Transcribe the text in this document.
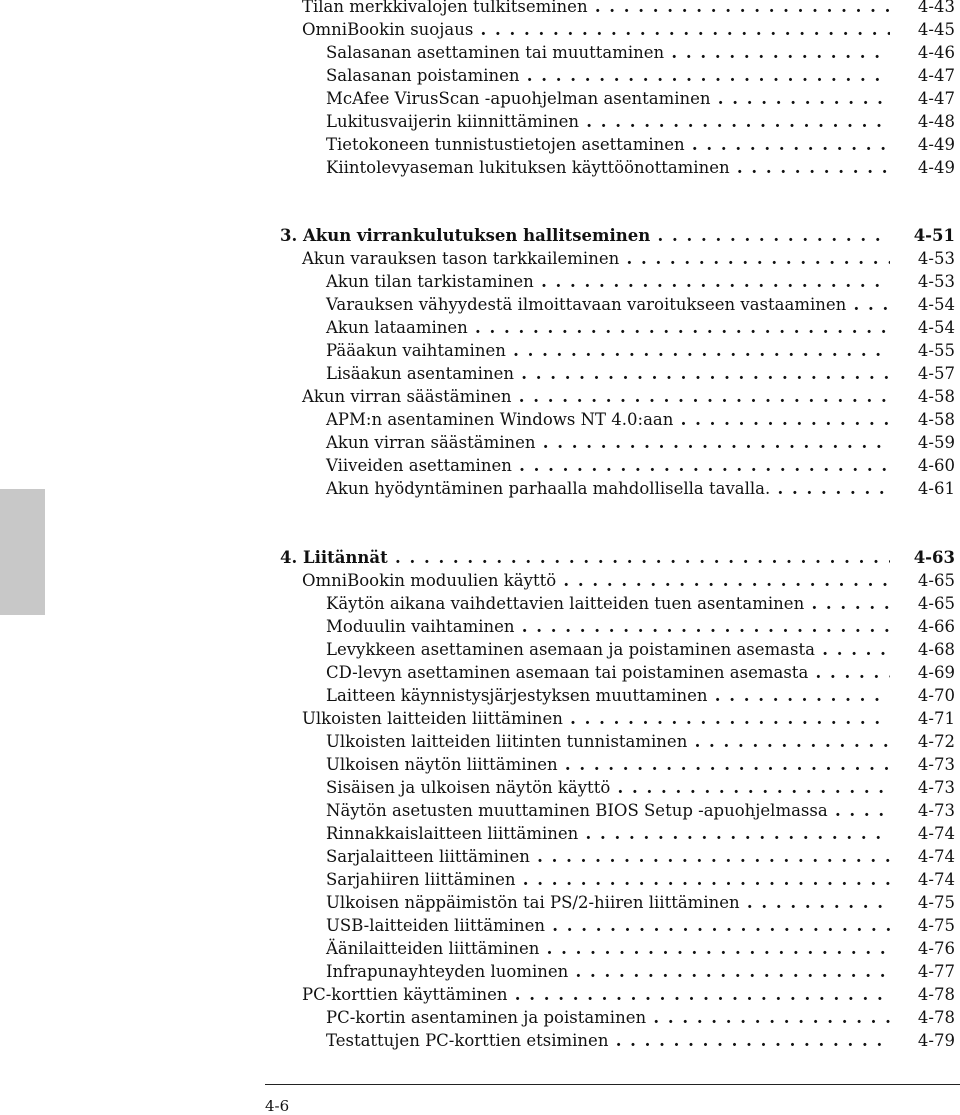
Tilan merkkivalojen tulkitseminen . . .	4-43
OmniBookin suojaus . . .	4-45
Salasanan asettaminen tai muuttaminen . . .	4-46
Salasanan poistaminen . . .	4-47
McAfee VirusScan -apuohjelman asentaminen . . .	4-47
Lukitusvaijerin kiinnittäminen . . .	4-48
Tietokoneen tunnistustietojen asettaminen . . .	4-49
Kiintolevyaseman lukituksen käyttöönottaminen . . .	4-49
3. Akun virrankulutuksen hallitseminen . . .	4-51
Akun varauksen tason tarkkaileminen . . .	4-53
Akun tilan tarkistaminen . . .	4-53
Varauksen vähyydestä ilmoittavaan varoitukseen vastaaminen . . .	4-54
Akun lataaminen . . .	4-54
Pääakun vaihtaminen . . .	4-55
Lisäakun asentaminen . . .	4-57
Akun virran säästäminen . . .	4-58
APM:n asentaminen Windows NT 4.0:aan . . .	4-58
Akun virran säästäminen . . .	4-59
Viiveiden asettaminen . . .	4-60
Akun hyödyntäminen parhaalla mahdollisella tavalla. . . .	4-61
4. Liitännät . . .	4-63
OmniBookin moduulien käyttö . . .	4-65
Käytön aikana vaihdettavien laitteiden tuen asentaminen . . .	4-65
Moduulin vaihtaminen . . .	4-66
Levykkeen asettaminen asemaan ja poistaminen asemasta . . .	4-68
CD-levyn asettaminen asemaan tai poistaminen asemasta . . .	4-69
Laitteen käynnistysjärjestyksen muuttaminen . . .	4-70
Ulkoisten laitteiden liittäminen . . .	4-71
Ulkoisten laitteiden liitinten tunnistaminen . . .	4-72
Ulkoisen näytön liittäminen . . .	4-73
Sisäisen ja ulkoisen näytön käyttö . . .	4-73
Näytön asetusten muuttaminen BIOS Setup -apuohjelmassa . . .	4-73
Rinnakkaislaitteen liittäminen . . .	4-74
Sarjalaitteen liittäminen . . .	4-74
Sarjahiiren liittäminen . . .	4-74
Ulkoisen näppäimistön tai PS/2-hiiren liittäminen . . .	4-75
USB-laitteiden liittäminen . . .	4-75
Äänilaitteiden liittäminen . . .	4-76
Infrapunayhteyden luominen . . .	4-77
PC-korttien käyttäminen . . .	4-78
PC-kortin asentaminen ja poistaminen . . .	4-78
Testattujen PC-korttien etsiminen . . .	4-79
4-6
